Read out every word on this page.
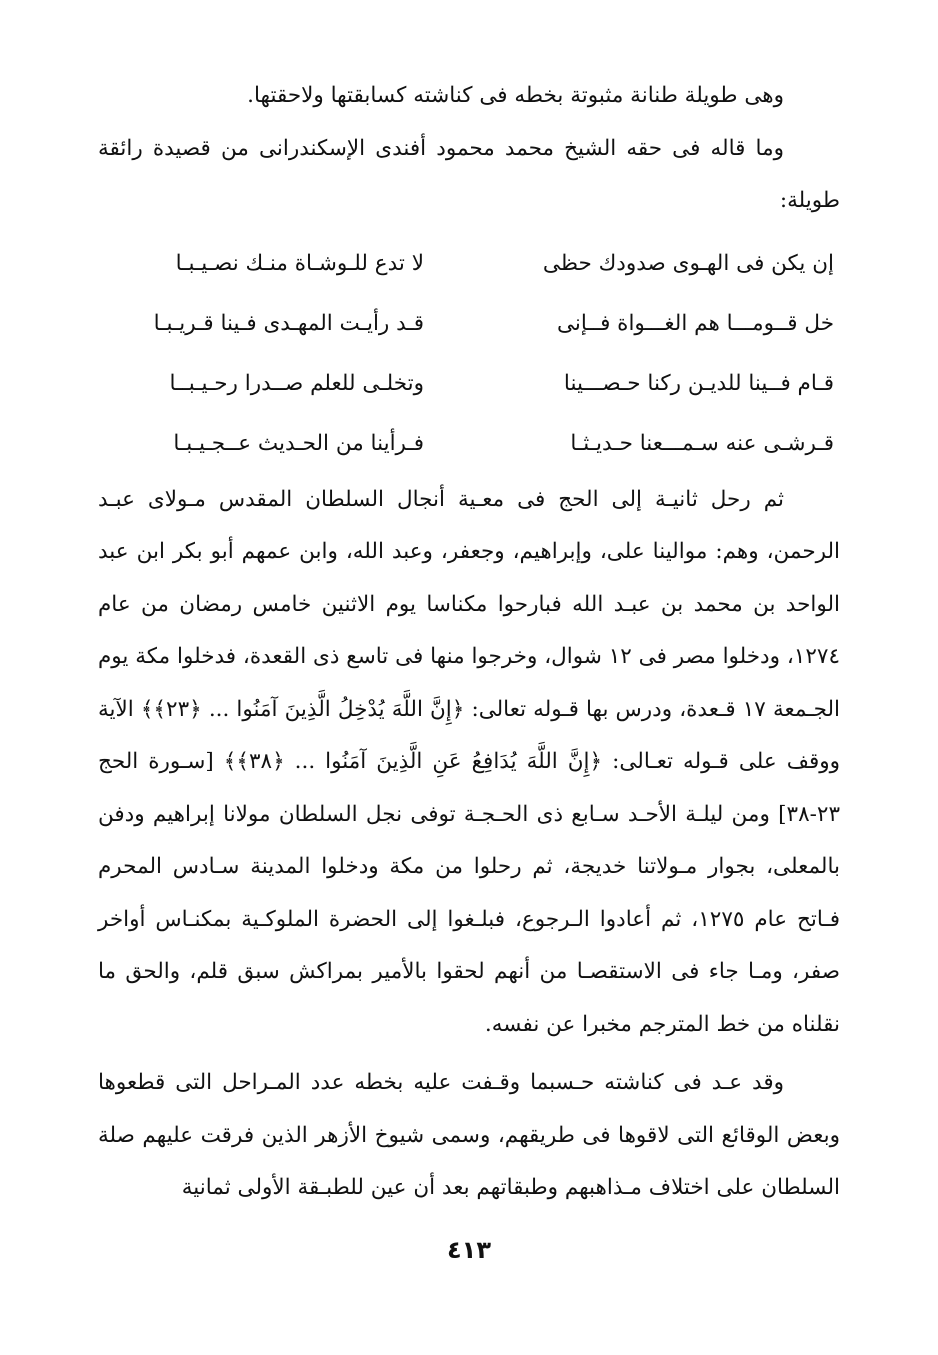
وهى طويلة طنانة مثبوتة بخطه فى كناشته كسابقتها ولاحقتها.

وما قاله فى حقه الشيخ محمد محمود أفندى الإسكندرانى من قصيدة رائقة طويلة:

إن يكن فى الهـوى صدودك حظى
لا تدع للـوشـاة منـك نصـيـبـا
خل قــومـــا هم الغـــواة فــإنى
قـد رأيـت المهـدى فـينا قـريـبـا
قـام فــينا للديـن ركنا حـصـــينا
وتخلـى للعلم صــدرا رحـيـبــا
قـرشـى عنه سـمـــعنا حـديـثـا
فـرأينا من الحـديث عــجـيـبـا

ثم رحل ثانيـة إلى الحج فى معـية أنجال السلطان المقدس مـولاى عبـد الرحمن، وهم: موالينا على، وإبراهيم، وجعفر، وعبد الله، وابن عمهم أبو بكر ابن عبد الواحد بن محمد بن عبـد الله فبارحوا مكناسا يوم الاثنين خامس رمضان من عام ١٢٧٤، ودخلوا مصر فى ١٢ شوال، وخرجوا منها فى تاسع ذى القعدة، فدخلوا مكة يوم الجـمعة ١٧ قـعدة، ودرس بها قـوله تعالى: ﴿إِنَّ اللَّهَ يُدْخِلُ الَّذِينَ آمَنُوا ... ﴿٢٣﴾﴾ الآية ووقف على قـوله تعـالى: ﴿إِنَّ اللَّهَ يُدَافِعُ عَنِ الَّذِينَ آمَنُوا ... ﴿٣٨﴾﴾ [سـورة الحج ٢٣-٣٨] ومن ليلـة الأحـد سـابع ذى الحـجـة توفى نجل السلطان مولانا إبراهيم ودفن بالمعلى، بجوار مـولاتنا خديجة، ثم رحلوا من مكة ودخلوا المدينة سـادس المحرم فـاتح عام ١٢٧٥، ثم أعادوا الـرجوع، فبلـغوا إلى الحضرة الملوكـية بمكنـاس أواخر صفر، ومـا جاء فى الاستقصـا من أنهم لحقوا بالأمير بمراكش سبق قلم، والحق ما نقلناه من خط المترجم مخبرا عن نفسه.

وقد عـد فى كناشته حـسبما وقـفت عليه بخطه عدد المـراحل التى قطعوها وبعض الوقائع التى لاقوها فى طريقهم، وسمى شيوخ الأزهر الذين فرقت عليهم صلة السلطان على اختلاف مـذاهبهم وطبقاتهم بعد أن عين للطبـقة الأولى ثمانية

٤١٣
